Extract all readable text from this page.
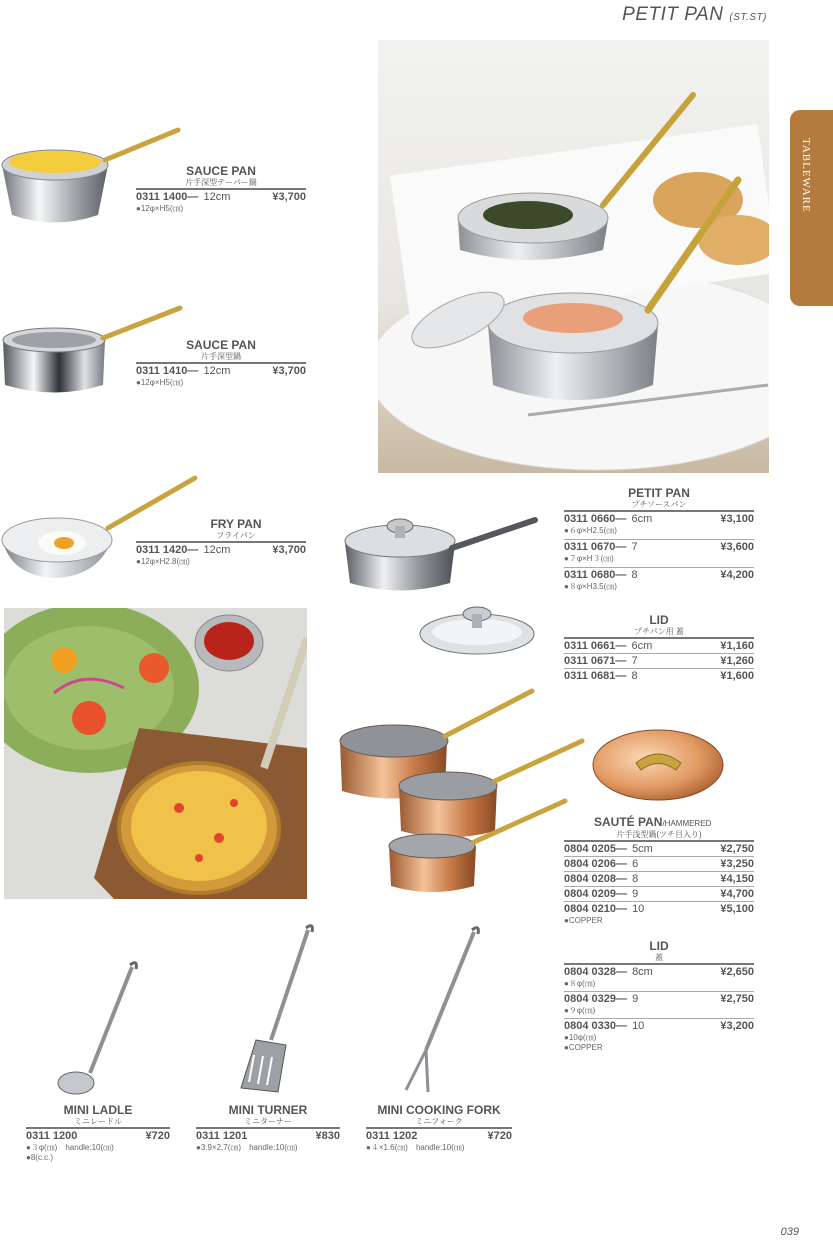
PETIT PAN (ST.ST)
TABLEWARE
SAUCE PAN
片手深型テーパー鍋
0311 1400— 12cm	¥3,700
●12φ×H5(㎝)
SAUCE PAN
片手深型鍋
0311 1410— 12cm	¥3,700
●12φ×H5(㎝)
FRY PAN
フライパン
0311 1420— 12cm	¥3,700
●12φ×H2.8(㎝)
PETIT PAN
プチソースパン
0311 0660— 6cm	¥3,100
●６φ×H2.5(㎝)
0311 0670— 7	¥3,600
●７φ×H３(㎝)
0311 0680— 8	¥4,200
●８φ×H3.5(㎝)
LID
プチパン用 蓋
0311 0661— 6cm	¥1,160
0311 0671— 7	¥1,260
0311 0681— 8	¥1,600
SAUTÉ PAN/HAMMERED
片手浅型鍋(ツチ目入り)
0804 0205— 5cm	¥2,750
0804 0206— 6	¥3,250
0804 0208— 8	¥4,150
0804 0209— 9	¥4,700
0804 0210— 10	¥5,100
●COPPER
LID
蓋
0804 0328— 8cm	¥2,650
●８φ(㎝)
0804 0329— 9	¥2,750
●９φ(㎝)
0804 0330— 10	¥3,200
●10φ(㎝)
●COPPER
MINI LADLE
ミニレードル
0311 1200	¥720
●３φ(㎝)　handle:10(㎝)
●8(c.c.)
MINI TURNER
ミニターナー
0311 1201	¥830
●3.9×2.7(㎝)　handle:10(㎝)
MINI COOKING FORK
ミニフォーク
0311 1202	¥720
●４×1.6(㎝)　handle:10(㎝)
039
